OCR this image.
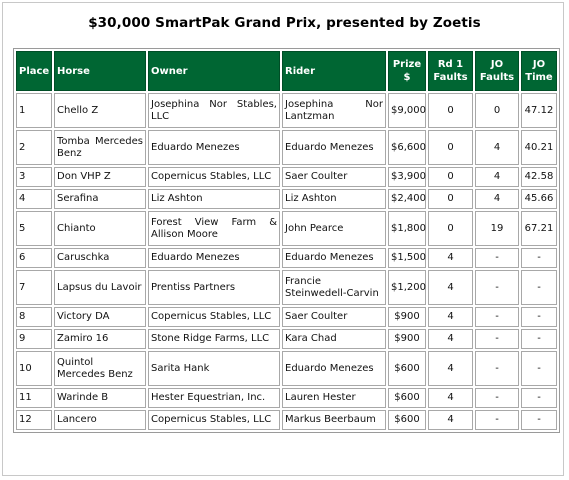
$30,000 SmartPak Grand Prix, presented by Zoetis
Place	Horse	Owner	Rider	Prize $	Rd 1 Faults	JO Faults	JO Time
1	Chello Z	Josephina Nor Stables, LLC	Josephina Nor Lantzman	$9,000	0	0	47.12
2	Tomba Mercedes Benz	Eduardo Menezes	Eduardo Menezes	$6,600	0	4	40.21
3	Don VHP Z	Copernicus Stables, LLC	Saer Coulter	$3,900	0	4	42.58
4	Serafina	Liz Ashton	Liz Ashton	$2,400	0	4	45.66
5	Chianto	Forest View Farm & Allison Moore	John Pearce	$1,800	0	19	67.21
6	Caruschka	Eduardo Menezes	Eduardo Menezes	$1,500	4	-	-
7	Lapsus du Lavoir	Prentiss Partners	Francie Steinwedell-Carvin	$1,200	4	-	-
8	Victory DA	Copernicus Stables, LLC	Saer Coulter	$900	4	-	-
9	Zamiro 16	Stone Ridge Farms, LLC	Kara Chad	$900	4	-	-
10	Quintol Mercedes Benz	Sarita Hank	Eduardo Menezes	$600	4	-	-
11	Warinde B	Hester Equestrian, Inc.	Lauren Hester	$600	4	-	-
12	Lancero	Copernicus Stables, LLC	Markus Beerbaum	$600	4	-	-
